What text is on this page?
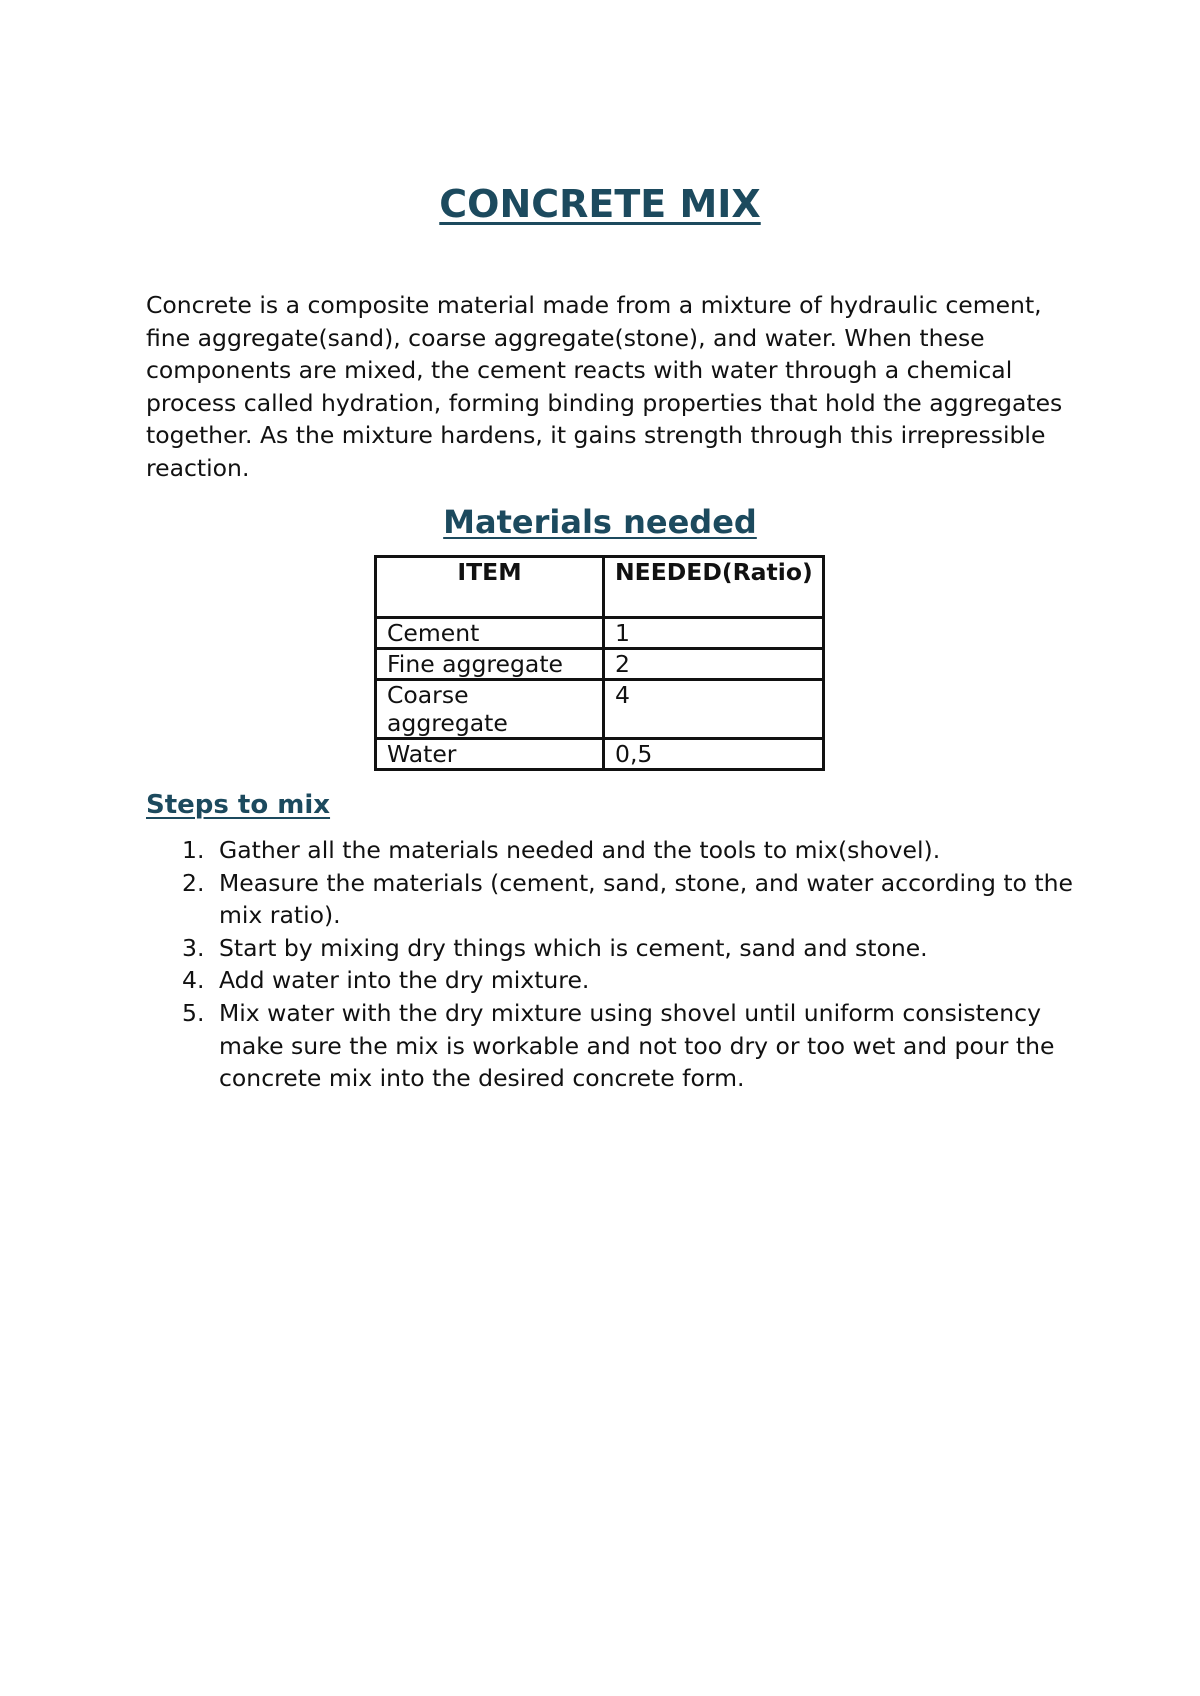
CONCRETE MIX

Concrete is a composite material made from a mixture of hydraulic cement, fine aggregate(sand), coarse aggregate(stone), and water. When these components are mixed, the cement reacts with water through a chemical process called hydration, forming binding properties that hold the aggregates together. As the mixture hardens, it gains strength through this irrepressible reaction.

Materials needed
ITEM	NEEDED(Ratio)
Cement	1
Fine aggregate	2
Coarse aggregate	4
Water	0,5
Steps to mix
1. Gather all the materials needed and the tools to mix(shovel).
2. Measure the materials (cement, sand, stone, and water according to the mix ratio).
3. Start by mixing dry things which is cement, sand and stone.
4. Add water into the dry mixture.
5. Mix water with the dry mixture using shovel until uniform consistency make sure the mix is workable and not too dry or too wet and pour the concrete mix into the desired concrete form.
